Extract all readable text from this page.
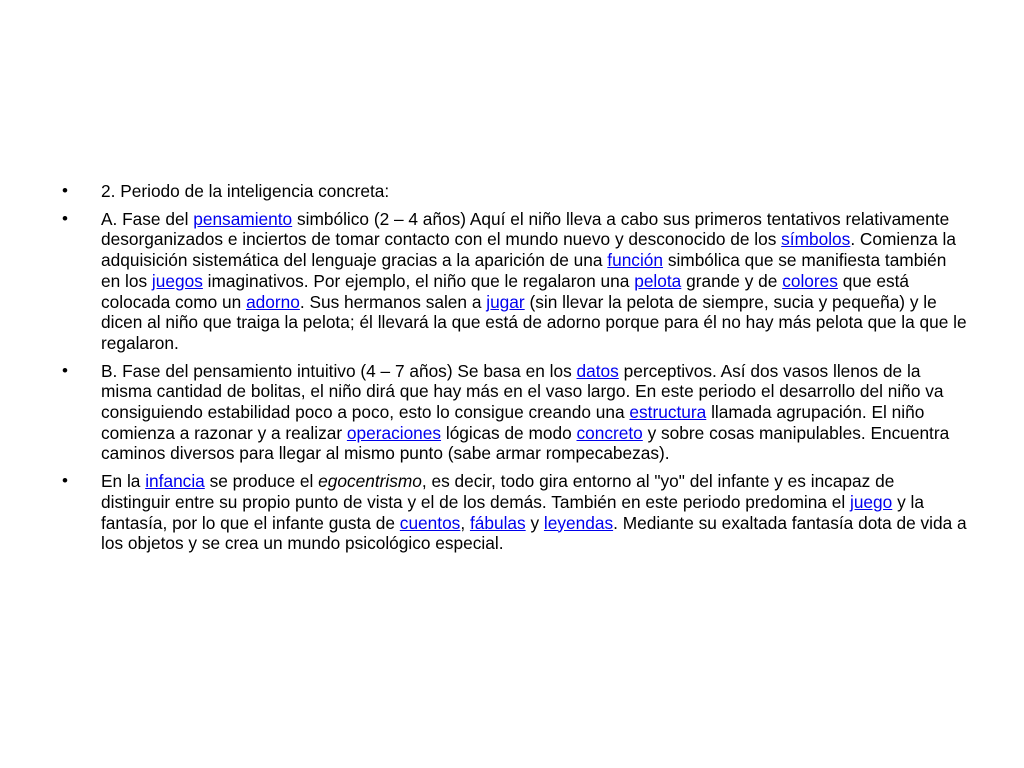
• 2. Periodo de la inteligencia concreta:
• A. Fase del pensamiento simbólico (2 – 4 años) Aquí el niño lleva a cabo sus primeros tentativos relativamente desorganizados e inciertos de tomar contacto con el mundo nuevo y desconocido de los símbolos. Comienza la adquisición sistemática del lenguaje gracias a la aparición de una función simbólica que se manifiesta también en los juegos imaginativos. Por ejemplo, el niño que le regalaron una pelota grande y de colores que está colocada como un adorno. Sus hermanos salen a jugar (sin llevar la pelota de siempre, sucia y pequeña) y le dicen al niño que traiga la pelota; él llevará la que está de adorno porque para él no hay más pelota que la que le regalaron.
• B. Fase del pensamiento intuitivo (4 – 7 años) Se basa en los datos perceptivos. Así dos vasos llenos de la misma cantidad de bolitas, el niño dirá que hay más en el vaso largo. En este periodo el desarrollo del niño va consiguiendo estabilidad poco a poco, esto lo consigue creando una estructura llamada agrupación. El niño comienza a razonar y a realizar operaciones lógicas de modo concreto y sobre cosas manipulables. Encuentra caminos diversos para llegar al mismo punto (sabe armar rompecabezas).
• En la infancia se produce el egocentrismo, es decir, todo gira entorno al "yo" del infante y es incapaz de distinguir entre su propio punto de vista y el de los demás. También en este periodo predomina el juego y la fantasía, por lo que el infante gusta de cuentos, fábulas y leyendas. Mediante su exaltada fantasía dota de vida a los objetos y se crea un mundo psicológico especial.
